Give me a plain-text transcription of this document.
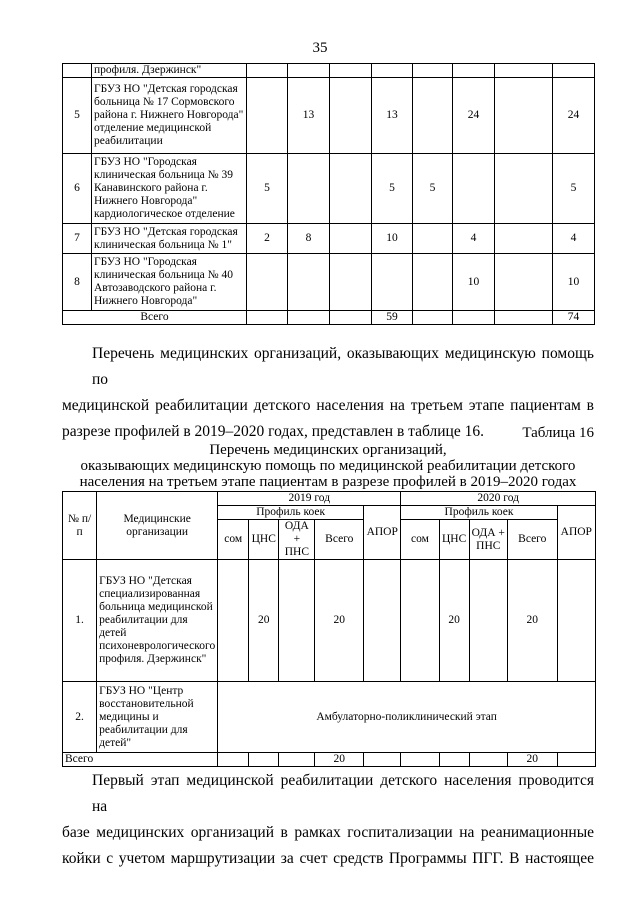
35
	профиля. Дзержинск"								
5	ГБУЗ НО "Детская городская больница № 17 Сормовского района г. Нижнего Новгорода" отделение медицинской реабилитации		13		13		24		24
6	ГБУЗ НО "Городская клиническая больница № 39 Канавинского района г. Нижнего Новгорода" кардиологическое отделение	5			5	5			5
7	ГБУЗ НО "Детская городская клиническая больница № 1"	2	8		10		4		4
8	ГБУЗ НО "Городская клиническая больница № 40 Автозаводского района г. Нижнего Новгорода"						10		10
Всего					59				74
Перечень медицинских организаций, оказывающих медицинскую помощь по
медицинской реабилитации детского населения на третьем этапе пациентам в
разрезе профилей в 2019–2020 годах, представлен в таблице 16.	Таблица 16
Перечень медицинских организаций,
оказывающих медицинскую помощь по медицинской реабилитации детского
населения на третьем этапе пациентам в разрезе профилей в 2019–2020 годах
№ п/п	Медицинские организации	2019 год					2020 год				
		Профиль коек				АПОР	Профиль коек				АПОР
		сом	ЦНС	ОДА + ПНС	Всего		сом	ЦНС	ОДА + ПНС	Всего	
1.	ГБУЗ НО "Детская специализированная больница медицинской реабилитации для детей психоневрологического профиля. Дзержинск"		20		20			20		20	
2.	ГБУЗ НО "Центр восстановительной медицины и реабилитации для детей"	Амбулаторно-поликлинический этап									
Всего					20					20	
Первый этап медицинской реабилитации детского населения проводится на
базе медицинских организаций в рамках госпитализации на реанимационные
койки с учетом маршрутизации за счет средств Программы ПГГ. В настоящее
